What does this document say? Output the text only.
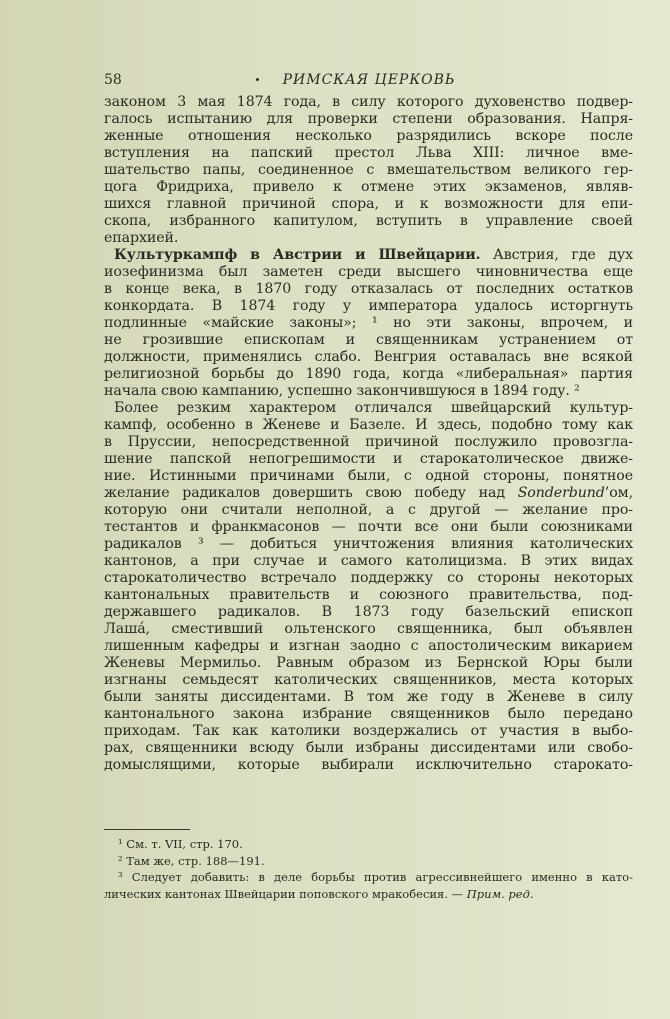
58	РИМСКАЯ ЦЕРКОВЬ
законом 3 мая 1874 года, в силу которого духовенство подвер-
галось испытанию для проверки степени образования. Напря-
женные отношения несколько разрядились вскоре после
вступления на папский престол Льва XIII: личное вме-
шательство папы, соединенное с вмешательством великого гер-
цога Фридриха, привело к отмене этих экзаменов, являв-
шихся главной причиной спора, и к возможности для епи-
скопа, избранного капитулом, вступить в управление своей
епархией.
Культуркампф в Австрии и Швейцарии. Австрия, где дух
иозефинизма был заметен среди высшего чиновничества еще
в конце века, в 1870 году отказалась от последних остатков
конкордата. В 1874 году у императора удалось исторгнуть
подлинные «майские законы»; ¹ но эти законы, впрочем, и
не грозившие епископам и священникам устранением от
должности, применялись слабо. Венгрия оставалась вне всякой
религиозной борьбы до 1890 года, когда «либеральная» партия
начала свою кампанию, успешно закончившуюся в 1894 году. ²
Более резким характером отличался швейцарский культур-
кампф, особенно в Женеве и Базеле. И здесь, подобно тому как
в Пруссии, непосредственной причиной послужило провозгла-
шение папской непогрешимости и старокатолическое движе-
ние. Истинными причинами были, с одной стороны, понятное
желание радикалов довершить свою победу над Sonderbund’ом,
которую они считали неполной, а с другой — желание про-
тестантов и франкмасонов — почти все они были союзниками
радикалов ³ — добиться уничтожения влияния католических
кантонов, а при случае и самого католицизма. В этих видах
старокатоличество встречало поддержку со стороны некоторых
кантональных правительств и союзного правительства, под-
державшего радикалов. В 1873 году базельский епископ
Лашá, сместивший ольтенского священника, был объявлен
лишенным кафедры и изгнан заодно с апостолическим викарием
Женевы Мермильо. Равным образом из Бернской Юры были
изгнаны семьдесят католических священников, места которых
были заняты диссидентами. В том же году в Женеве в силу
кантонального закона избрание священников было передано
приходам. Так как католики воздержались от участия в выбо-
рах, священники всюду были избраны диссидентами или свобо-
домыслящими, которые выбирали исключительно старокато-
¹ См. т. VII, стр. 170.
² Там же, стр. 188—191.
³ Следует добавить: в деле борьбы против агрессивнейшего именно в като-
лических кантонах Швейцарии поповского мракобесия. — Прим. ред.
